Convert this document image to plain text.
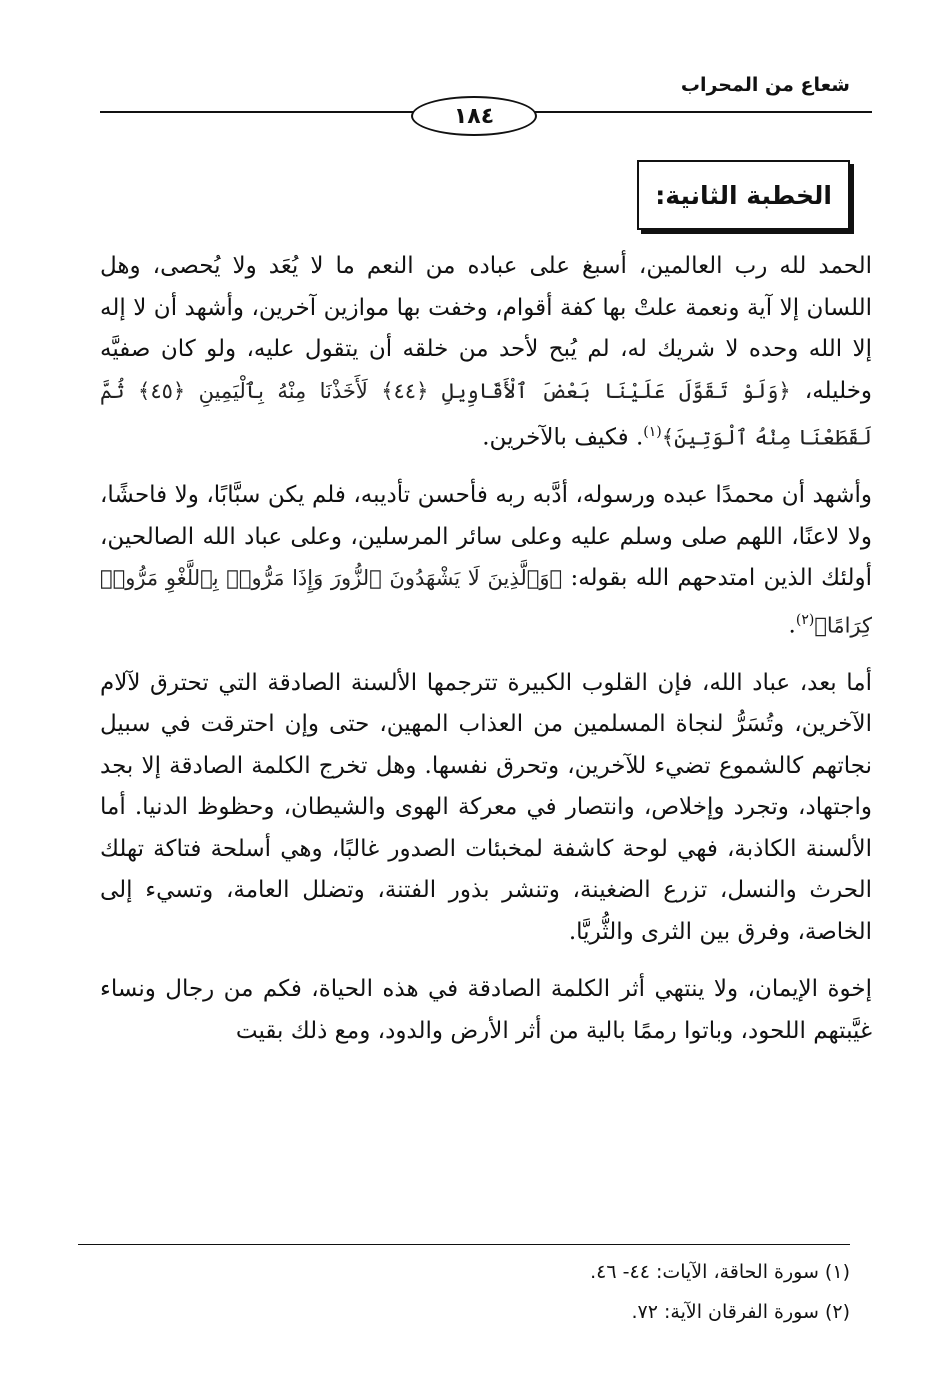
شعاع من المحراب
١٨٤
الخطبة الثانية:

الحمد لله رب العالمين، أسبغ على عباده من النعم ما لا يُعَد ولا يُحصى، وهل اللسان إلا آية ونعمة علتْ بها كفة أقوام، وخفت بها موازين آخرين، وأشهد أن لا إله إلا الله وحده لا شريك له، لم يُبح لأحد من خلقه أن يتقول عليه، ولو كان صفيَّه وخليله، ﴿وَلَوْ تَقَوَّلَ عَلَيْنَا بَعْضَ ٱلْأَقَاوِيلِ ﴿٤٤﴾ لَأَخَذْنَا مِنْهُ بِٱلْيَمِينِ ﴿٤٥﴾ ثُمَّ لَقَطَعْنَا مِنْهُ ٱلْوَتِينَ﴾$^{(١)}$. فكيف بالآخرين.

وأشهد أن محمدًا عبده ورسوله، أدَّبه ربه فأحسن تأديبه، فلم يكن سبَّابًا، ولا فاحشًا، ولا لاعنًا، اللهم صلى وسلم عليه وعلى سائر المرسلين، وعلى عباد الله الصالحين، أولئك الذين امتدحهم الله بقوله: ﴿وَٱلَّذِينَ لَا يَشْهَدُونَ ٱلزُّورَ وَإِذَا مَرُّوا۟ بِٱللَّغْوِ مَرُّوا۟ كِرَامًا﴾$^{(٢)}$.

أما بعد، عباد الله، فإن القلوب الكبيرة تترجمها الألسنة الصادقة التي تحترق لآلام الآخرين، وتُسَرُّ لنجاة المسلمين من العذاب المهين، حتى وإن احترقت في سبيل نجاتهم كالشموع تضيء للآخرين، وتحرق نفسها. وهل تخرج الكلمة الصادقة إلا بجد واجتهاد، وتجرد وإخلاص، وانتصار في معركة الهوى والشيطان، وحظوظ الدنيا. أما الألسنة الكاذبة، فهي لوحة كاشفة لمخبئات الصدور غالبًا، وهي أسلحة فتاكة تهلك الحرث والنسل، تزرع الضغينة، وتنشر بذور الفتنة، وتضلل العامة، وتسيء إلى الخاصة، وفرق بين الثرى والثُّريَّا.

إخوة الإيمان، ولا ينتهي أثر الكلمة الصادقة في هذه الحياة، فكم من رجال ونساء غيَّبتهم اللحود، وباتوا رممًا بالية من أثر الأرض والدود، ومع ذلك بقيت

(١) سورة الحاقة، الآيات: ٤٤- ٤٦.

(٢) سورة الفرقان الآية: ٧٢.
